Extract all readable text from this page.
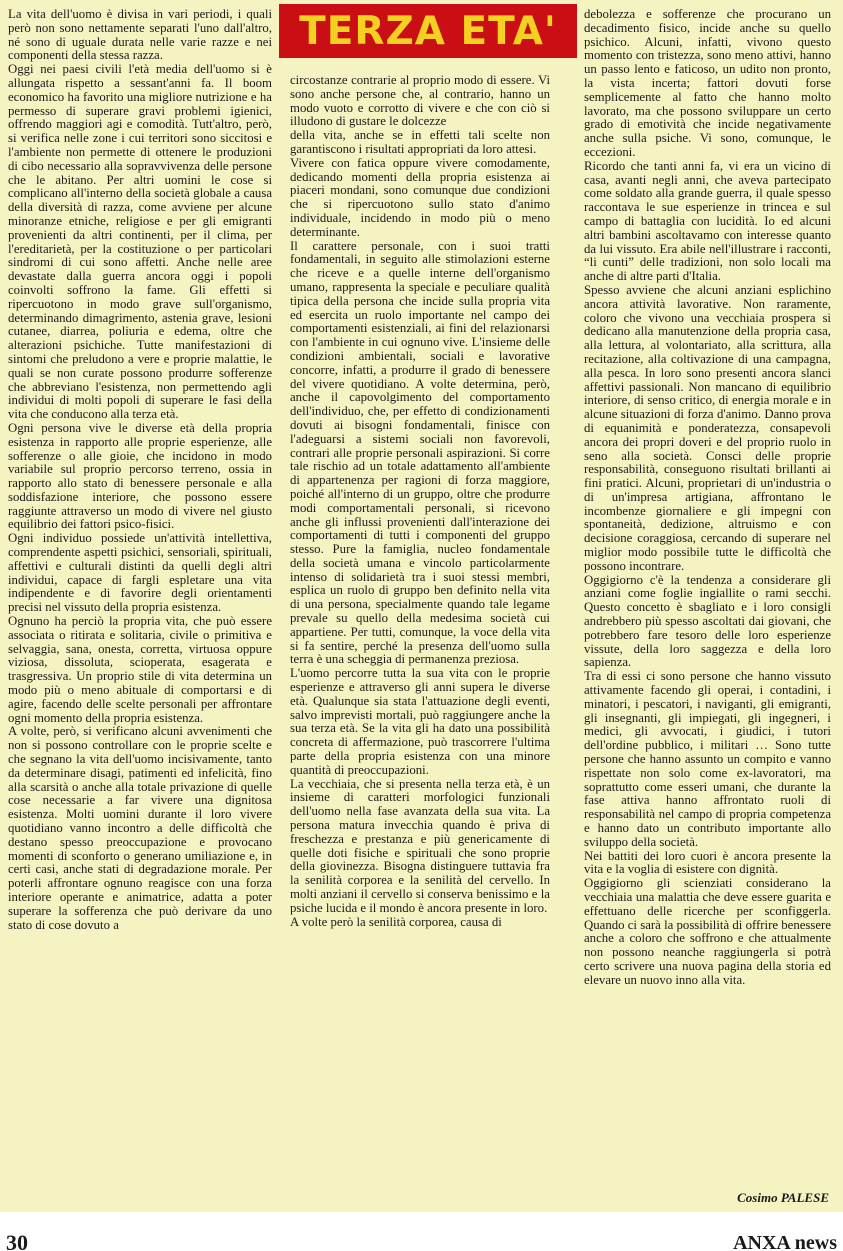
TERZA ETA'

La vita dell'uomo è divisa in vari periodi, i quali però non sono nettamente separati l'uno dall'altro, né sono di uguale durata nelle varie razze e nei componenti della stessa razza.

Oggi nei paesi civili l'età media dell'uomo si è allungata rispetto a sessant'anni fa. Il boom economico ha favorito una migliore nutrizione e ha permesso di superare gravi problemi igienici, offrendo maggiori agi e comodità. Tutt'altro, però, si verifica nelle zone i cui territori sono siccitosi e l'ambiente non permette di ottenere le produzioni di cibo necessario alla sopravvivenza delle persone che le abitano. Per altri uomini le cose si complicano all'interno della società globale a causa della diversità di razza, come avviene per alcune minoranze etniche, religiose e per gli emigranti provenienti da altri continenti, per il clima, per l'ereditarietà, per la costituzione o per particolari sindromi di cui sono affetti. Anche nelle aree devastate dalla guerra ancora oggi i popoli coinvolti soffrono la fame. Gli effetti si ripercuotono in modo grave sull'organismo, determinando dimagrimento, astenia grave, lesioni cutanee, diarrea, poliuria e edema, oltre che alterazioni psichiche. Tutte manifestazioni di sintomi che preludono a vere e proprie malattie, le quali se non curate possono produrre sofferenze che abbreviano l'esistenza, non permettendo agli individui di molti popoli di superare le fasi della vita che conducono alla terza età.

Ogni persona vive le diverse età della propria esistenza in rapporto alle proprie esperienze, alle sofferenze o alle gioie, che incidono in modo variabile sul proprio percorso terreno, ossia in rapporto allo stato di benessere personale e alla soddisfazione interiore, che possono essere raggiunte attraverso un modo di vivere nel giusto equilibrio dei fattori psico-fisici.

Ogni individuo possiede un'attività intellettiva, comprendente aspetti psichici, sensoriali, spirituali, affettivi e culturali distinti da quelli degli altri individui, capace di fargli espletare una vita indipendente e di favorire degli orientamenti precisi nel vissuto della propria esistenza.

Ognuno ha perciò la propria vita, che può essere associata o ritirata e solitaria, civile o primitiva e selvaggia, sana, onesta, corretta, virtuosa oppure viziosa, dissoluta, scioperata, esagerata e trasgressiva. Un proprio stile di vita determina un modo più o meno abituale di comportarsi e di agire, facendo delle scelte personali per affrontare ogni momento della propria esistenza.

A volte, però, si verificano alcuni avvenimenti che non si possono controllare con le proprie scelte e che segnano la vita dell'uomo incisivamente, tanto da determinare disagi, patimenti ed infelicità, fino alla scarsità o anche alla totale privazione di quelle cose necessarie a far vivere una dignitosa esistenza. Molti uomini durante il loro vivere quotidiano vanno incontro a delle difficoltà che destano spesso preoccupazione e provocano momenti di sconforto o generano umiliazione e, in certi casi, anche stati di degradazione morale. Per poterli affrontare ognuno reagisce con una forza interiore operante e animatrice, adatta a poter superare la sofferenza che può derivare da uno stato di cose dovuto a

circostanze contrarie al proprio modo di essere. Vi sono anche persone che, al contrario, hanno un modo vuoto e corrotto di vivere e che con ciò si illudono di gustare le dolcezze

della vita, anche se in effetti tali scelte non garantiscono i risultati appropriati da loro attesi.

Vivere con fatica oppure vivere comodamente, dedicando momenti della propria esistenza ai piaceri mondani, sono comunque due condizioni che si ripercuotono sullo stato d'animo individuale, incidendo in modo più o meno determinante.

Il carattere personale, con i suoi tratti fondamentali, in seguito alle stimolazioni esterne che riceve e a quelle interne dell'organismo umano, rappresenta la speciale e peculiare qualità tipica della persona che incide sulla propria vita ed esercita un ruolo importante nel campo dei comportamenti esistenziali, ai fini del relazionarsi con l'ambiente in cui ognuno vive. L'insieme delle condizioni ambientali, sociali e lavorative concorre, infatti, a produrre il grado di benessere del vivere quotidiano. A volte determina, però, anche il capovolgimento del comportamento dell'individuo, che, per effetto di condizionamenti dovuti ai bisogni fondamentali, finisce con l'adeguarsi a sistemi sociali non favorevoli, contrari alle proprie personali aspirazioni. Si corre tale rischio ad un totale adattamento all'ambiente di appartenenza per ragioni di forza maggiore, poiché all'interno di un gruppo, oltre che produrre modi comportamentali personali, si ricevono anche gli influssi provenienti dall'interazione dei comportamenti di tutti i componenti del gruppo stesso. Pure la famiglia, nucleo fondamentale della società umana e vincolo particolarmente intenso di solidarietà tra i suoi stessi membri, esplica un ruolo di gruppo ben definito nella vita di una persona, specialmente quando tale legame prevale su quello della medesima società cui appartiene. Per tutti, comunque, la voce della vita si fa sentire, perché la presenza dell'uomo sulla terra è una scheggia di permanenza preziosa.

L'uomo percorre tutta la sua vita con le proprie esperienze e attraverso gli anni supera le diverse età. Qualunque sia stata l'attuazione degli eventi, salvo imprevisti mortali, può raggiungere anche la sua terza età. Se la vita gli ha dato una possibilità concreta di affermazione, può trascorrere l'ultima parte della propria esistenza con una minore quantità di preoccupazioni.

La vecchiaia, che si presenta nella terza età, è un insieme di caratteri morfologici funzionali dell'uomo nella fase avanzata della sua vita. La persona matura invecchia quando è priva di freschezza e prestanza e più genericamente di quelle doti fisiche e spirituali che sono proprie della giovinezza. Bisogna distinguere tuttavia fra la senilità corporea e la senilità del cervello. In molti anziani il cervello si conserva benissimo e la psiche lucida e il mondo è ancora presente in loro.

A volte però la senilità corporea, causa di

debolezza e sofferenze che procurano un decadimento fisico, incide anche su quello psichico. Alcuni, infatti, vivono questo momento con tristezza, sono meno attivi, hanno un passo lento e faticoso, un udito non pronto, la vista incerta; fattori dovuti forse semplicemente al fatto che hanno molto lavorato, ma che possono sviluppare un certo grado di emotività che incide negativamente anche sulla psiche. Vi sono, comunque, le eccezioni.

Ricordo che tanti anni fa, vi era un vicino di casa, avanti negli anni, che aveva partecipato come soldato alla grande guerra, il quale spesso raccontava le sue esperienze in trincea e sul campo di battaglia con lucidità. Io ed alcuni altri bambini ascoltavamo con interesse quanto da lui vissuto. Era abile nell'illustrare i racconti, “li cunti” delle tradizioni, non solo locali ma anche di altre parti d'Italia.

Spesso avviene che alcuni anziani esplichino ancora attività lavorative. Non raramente, coloro che vivono una vecchiaia prospera si dedicano alla manutenzione della propria casa, alla lettura, al volontariato, alla scrittura, alla recitazione, alla coltivazione di una campagna, alla pesca. In loro sono presenti ancora slanci affettivi passionali. Non mancano di equilibrio interiore, di senso critico, di energia morale e in alcune situazioni di forza d'animo. Danno prova di equanimità e ponderatezza, consapevoli ancora dei propri doveri e del proprio ruolo in seno alla società. Consci delle proprie responsabilità, conseguono risultati brillanti ai fini pratici. Alcuni, proprietari di un'industria o di un'impresa artigiana, affrontano le incombenze giornaliere e gli impegni con spontaneità, dedizione, altruismo e con decisione coraggiosa, cercando di superare nel miglior modo possibile tutte le difficoltà che possono incontrare.

Oggigiorno c'è la tendenza a considerare gli anziani come foglie ingiallite o rami secchi. Questo concetto è sbagliato e i loro consigli andrebbero più spesso ascoltati dai giovani, che potrebbero fare tesoro delle loro esperienze vissute, della loro saggezza e della loro sapienza.

Tra di essi ci sono persone che hanno vissuto attivamente facendo gli operai, i contadini, i minatori, i pescatori, i naviganti, gli emigranti, gli insegnanti, gli impiegati, gli ingegneri, i medici, gli avvocati, i giudici, i tutori dell'ordine pubblico, i militari … Sono tutte persone che hanno assunto un compito e vanno rispettate non solo come ex-lavoratori, ma soprattutto come esseri umani, che durante la fase attiva hanno affrontato ruoli di responsabilità nel campo di propria competenza e hanno dato un contributo importante allo sviluppo della società.

Nei battiti dei loro cuori è ancora presente la vita e la voglia di esistere con dignità.

Oggigiorno gli scienziati considerano la vecchiaia una malattia che deve essere guarita e effettuano delle ricerche per sconfiggerla. Quando ci sarà la possibilità di offrire benessere anche a coloro che soffrono e che attualmente non possono neanche raggiungerla si potrà certo scrivere una nuova pagina della storia ed elevare un nuovo inno alla vita.

Cosimo PALESE
30	ANXA news
